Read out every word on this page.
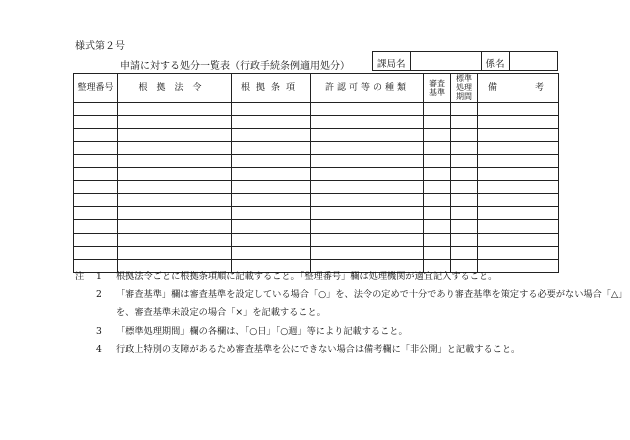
様式第２号
申請に対する処分一覧表（行政手続条例適用処分）	課局名	係名
整理番号	根拠法令	根拠条項	許認可等の種類	審査基準	標準処理期間	備 考

注	1	根拠法令ごとに根拠条項順に記載すること。「整理番号」欄は処理機関が適宜記入すること。
2	「審査基準」欄は審査基準を設定している場合「○」を、法令の定めで十分であり審査基準を策定する必要がない場合「△」
を、審査基準未設定の場合「×」を記載すること。
3	「標準処理期間」欄の各欄は、「○日」「○週」等により記載すること。
4	行政上特別の支障があるため審査基準を公にできない場合は備考欄に「非公開」と記載すること。
